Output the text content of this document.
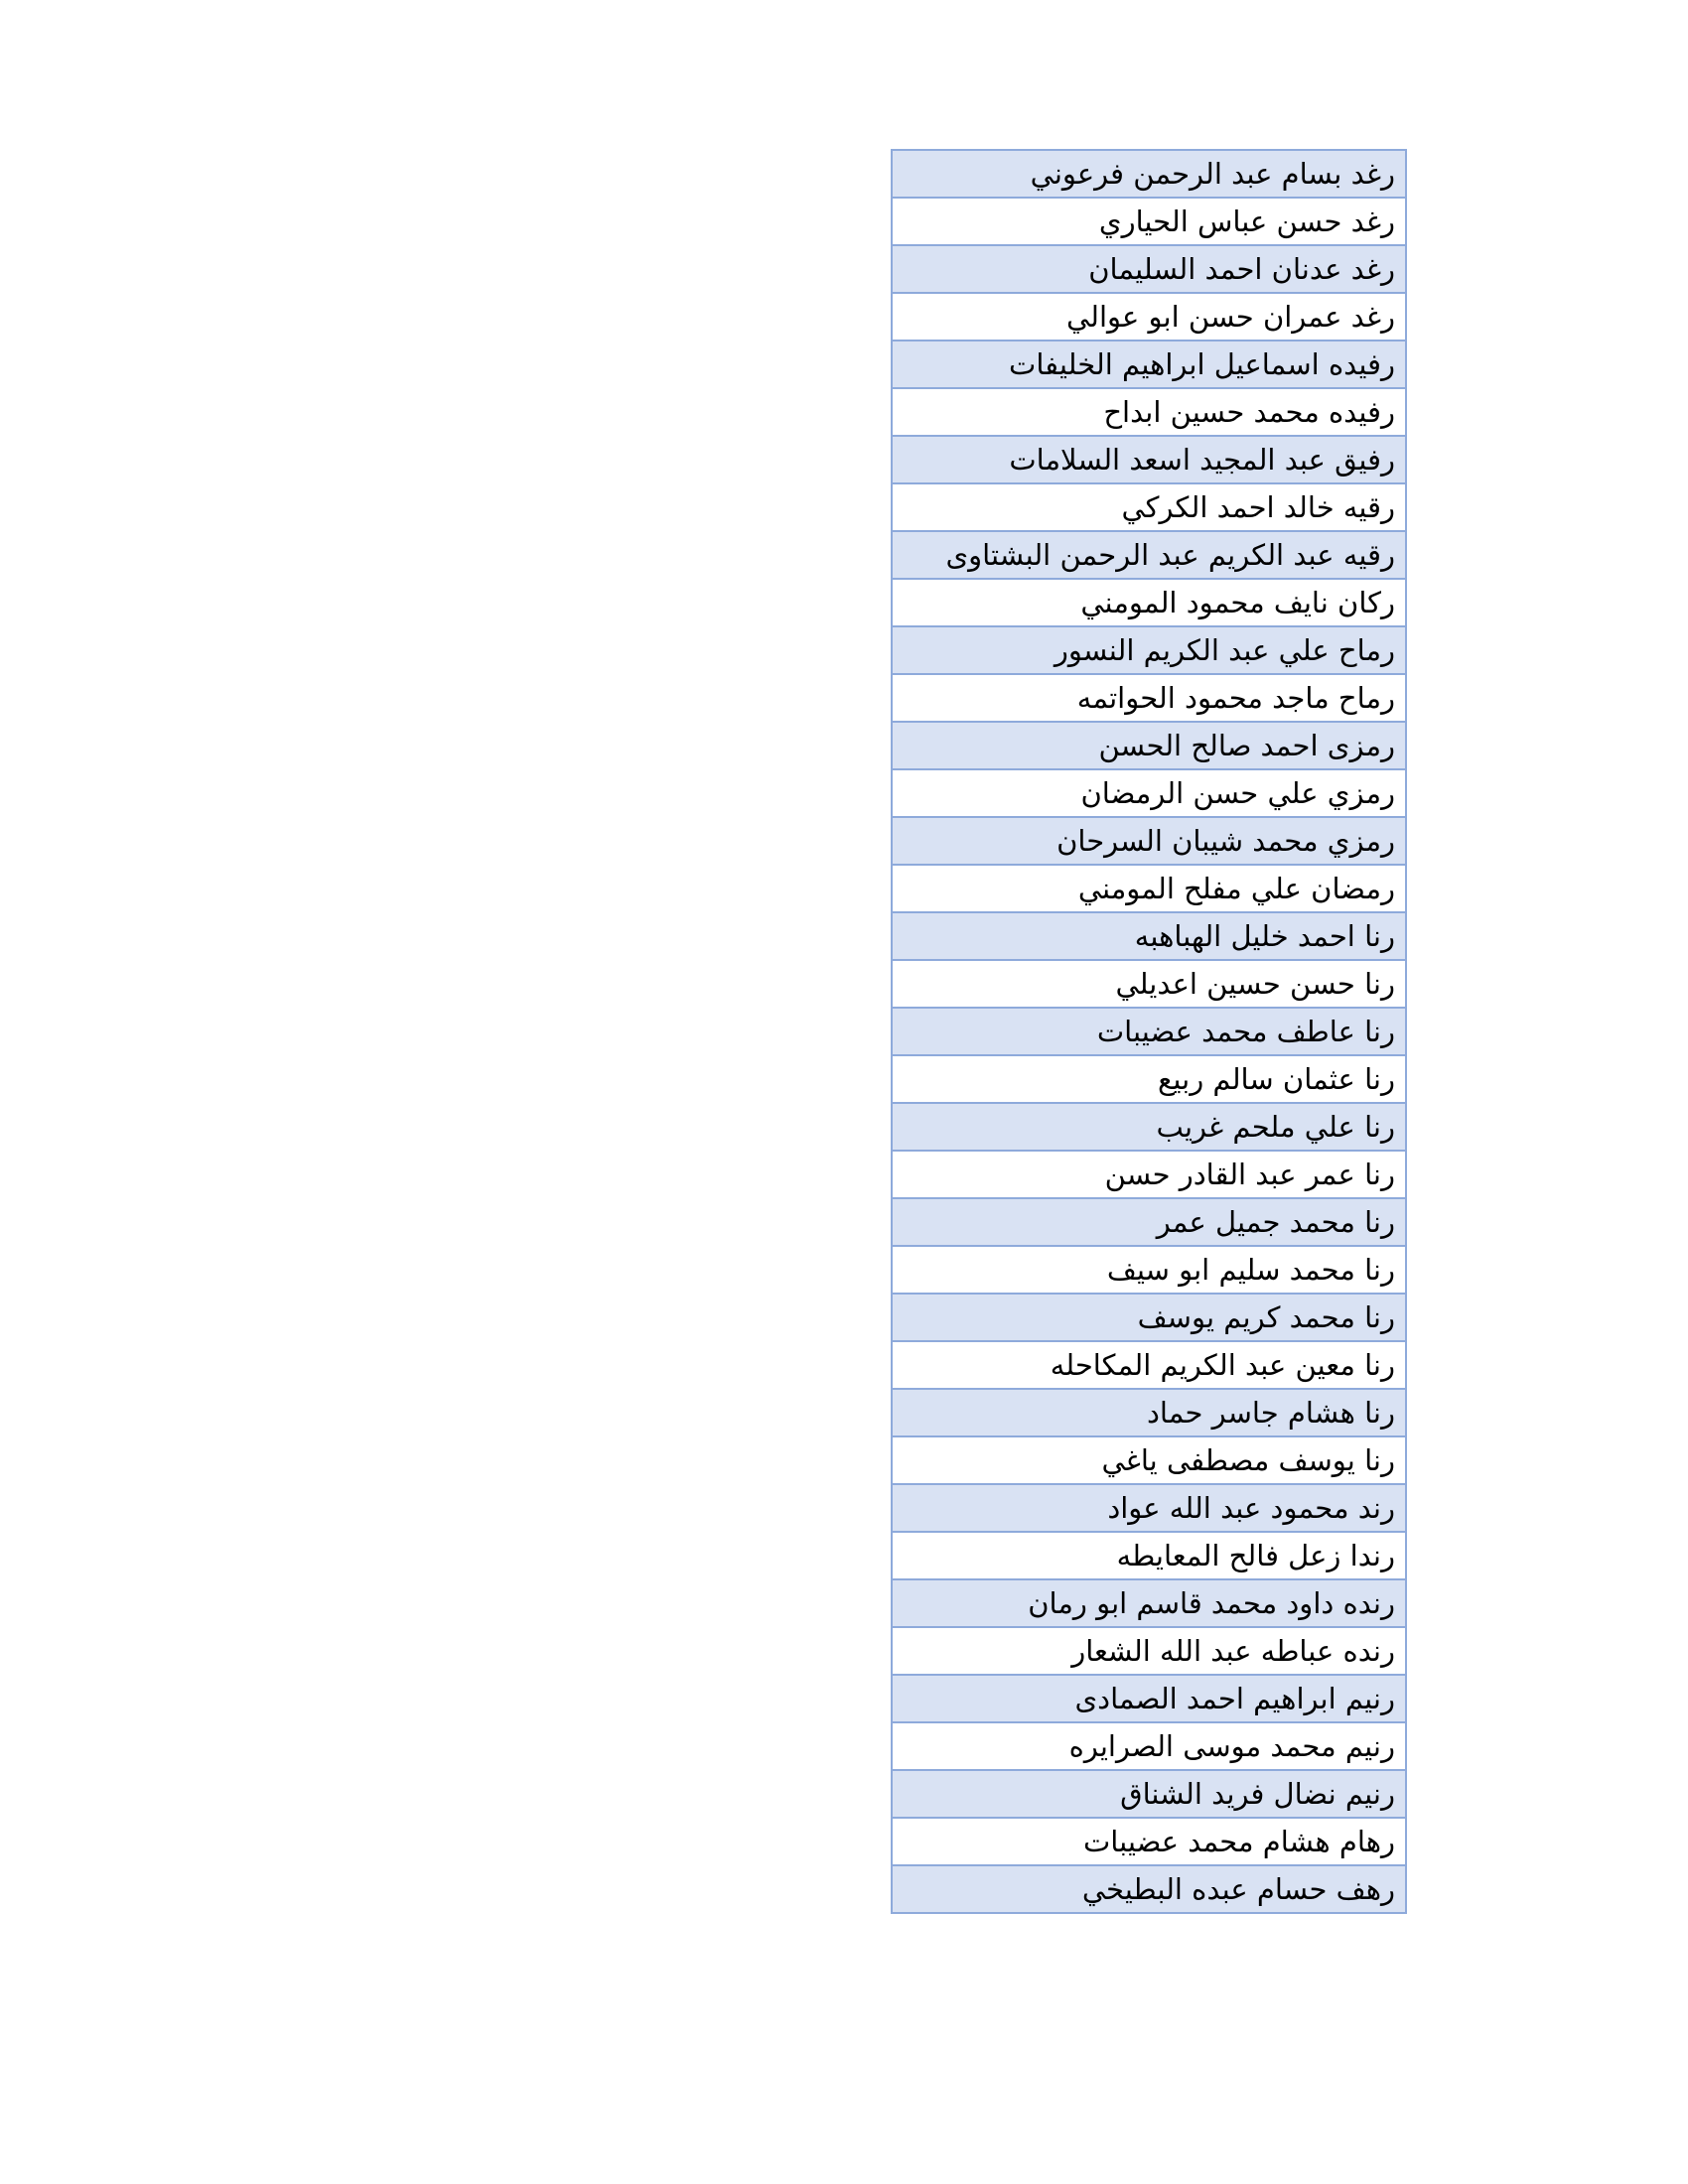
رغد بسام عبد الرحمن فرعوني
رغد حسن عباس الحياري
رغد عدنان احمد السليمان
رغد عمران حسن ابو عوالي
رفيده اسماعيل ابراهيم الخليفات
رفيده محمد حسين ابداح
رفيق عبد المجيد اسعد السلامات
رقيه خالد احمد الكركي
رقيه عبد الكريم عبد الرحمن البشتاوى
ركان نايف محمود المومني
رماح علي عبد الكريم النسور
رماح ماجد محمود الحواتمه
رمزى احمد صالح الحسن
رمزي علي حسن الرمضان
رمزي محمد شيبان السرحان
رمضان علي مفلح المومني
رنا احمد خليل الهباهبه
رنا حسن حسين اعديلي
رنا عاطف محمد عضيبات
رنا عثمان سالم ربيع
رنا علي ملحم غريب
رنا عمر عبد القادر حسن
رنا محمد جميل عمر
رنا محمد سليم ابو سيف
رنا محمد كريم يوسف
رنا معين عبد الكريم المكاحله
رنا هشام جاسر حماد
رنا يوسف مصطفى ياغي
رند محمود عبد الله عواد
رندا زعل فالح المعايطه
رنده داود محمد قاسم ابو رمان
رنده عباطه عبد الله الشعار
رنيم ابراهيم احمد الصمادى
رنيم محمد موسى الصرايره
رنيم نضال فريد الشناق
رهام هشام محمد عضيبات
رهف حسام عبده البطيخي
